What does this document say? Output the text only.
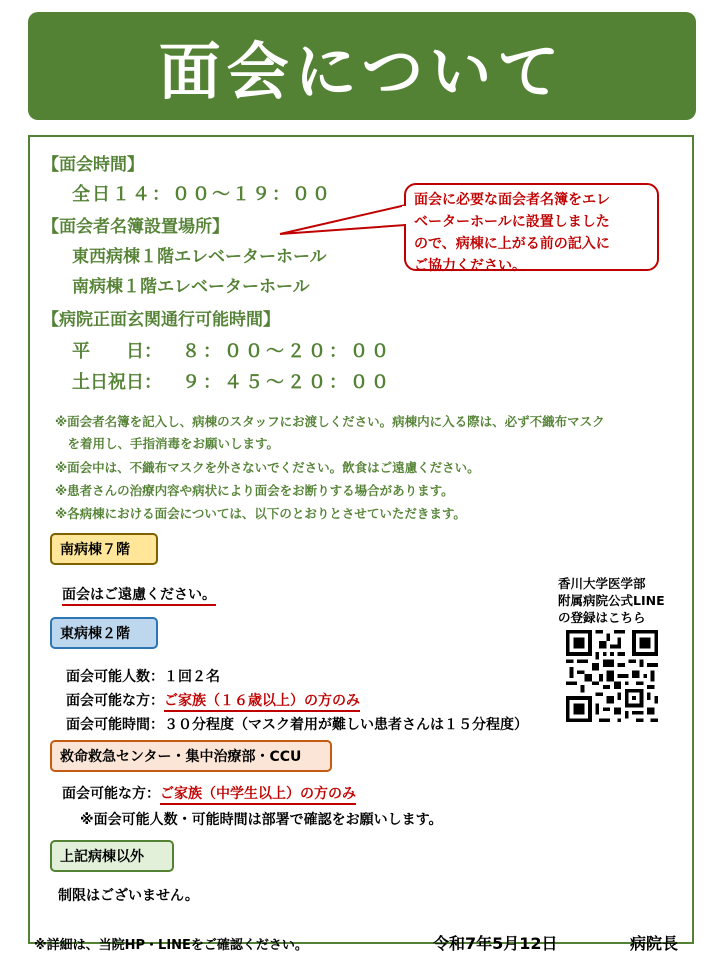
面会について
【面会時間】
全日１４：００～１９：００
【面会者名簿設置場所】
東西病棟１階エレベーターホール
南病棟１階エレベーターホール
【病院正面玄関通行可能時間】
平　　日： ８：００～２０：００
土日祝日： ９：４５～２０：００
面会に必要な面会者名簿をエレ
ベーターホールに設置しました
ので、病棟に上がる前の記入に
ご協力ください。
※面会者名簿を記入し、病棟のスタッフにお渡しください。病棟内に入る際は、必ず不織布マスク
　を着用し、手指消毒をお願いします。
※面会中は、不織布マスクを外さないでください。飲食はご遠慮ください。
※患者さんの治療内容や病状により面会をお断りする場合があります。
※各病棟における面会については、以下のとおりとさせていただきます。
南病棟７階
面会はご遠慮ください。
東病棟２階
面会可能人数：１回２名
面会可能な方：ご家族（１６歳以上）の方のみ
面会可能時間：３０分程度（マスク着用が難しい患者さんは１５分程度）
救命救急センター・集中治療部・CCU
面会可能な方：ご家族（中学生以上）の方のみ
※面会可能人数・可能時間は部署で確認をお願いします。
上記病棟以外
制限はございません。
香川大学医学部
附属病院公式LINE
の登録はこちら
※詳細は、当院HP・LINEをご確認ください。	令和7年5月12日	病院長
